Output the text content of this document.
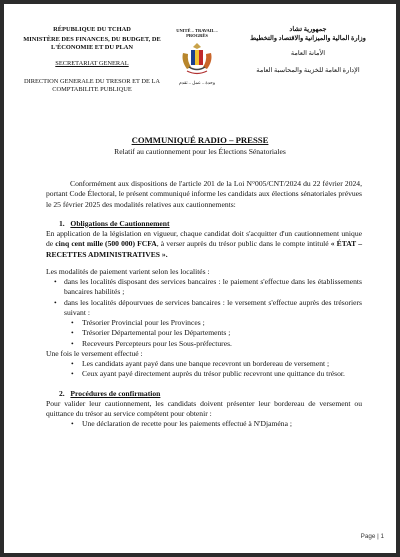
RÉPUBLIQUE DU TCHAD
MINISTÈRE DES FINANCES, DU BUDGET, DE L'ÉCONOMIE ET DU PLAN
SECRETARIAT GENERAL
DIRECTION GENERALE DU TRESOR ET DE LA COMPTABILITE PUBLIQUE
UNITÉ – TRAVAIL – PROGRÈS
وحدة – عمل – تقدم
جمهورية تشاد
وزارة المالية والميزانية والاقتصاد والتخطيط
الأمانة العامة
الإدارة العامة للخزينة والمحاسبة العامة
COMMUNIQUÉ RADIO – PRESSE
Relatif au cautionnement pour les Élections Sénatoriales

Conformément aux dispositions de l'article 201 de la Loi N°005/CNT/2024 du 22 février 2024, portant Code Électoral, le présent communiqué informe les candidats aux élections sénatoriales prévues le 25 février 2025 des modalités relatives aux cautionnements:

1. Obligations de Cautionnement

En application de la législation en vigueur, chaque candidat doit s'acquitter d'un cautionnement unique de cinq cent mille (500 000) FCFA, à verser auprès du trésor public dans le compte intitulé « ÉTAT – RECETTES ADMINISTRATIVES ».

Les modalités de paiement varient selon les localités :

• dans les localités disposant des services bancaires : le paiement s'effectue dans les établissements bancaires habilités ;
• dans les localités dépourvues de services bancaires : le versement s'effectue auprès des trésoriers suivant :
• Trésorier Provincial pour les Provinces ;
• Trésorier Départemental pour les Départements ;
• Receveurs Percepteurs pour les Sous-préfectures.

Une fois le versement effectué :

• Les candidats ayant payé dans une banque recevront un bordereau de versement ;
• Ceux ayant payé directement auprès du trésor public recevront une quittance du trésor.

2. Procédures de confirmation

Pour valider leur cautionnement, les candidats doivent présenter leur bordereau de versement ou quittance du trésor au service compétent pour obtenir :

• Une déclaration de recette pour les paiements effectué à N'Djaména ;
Page | 1
